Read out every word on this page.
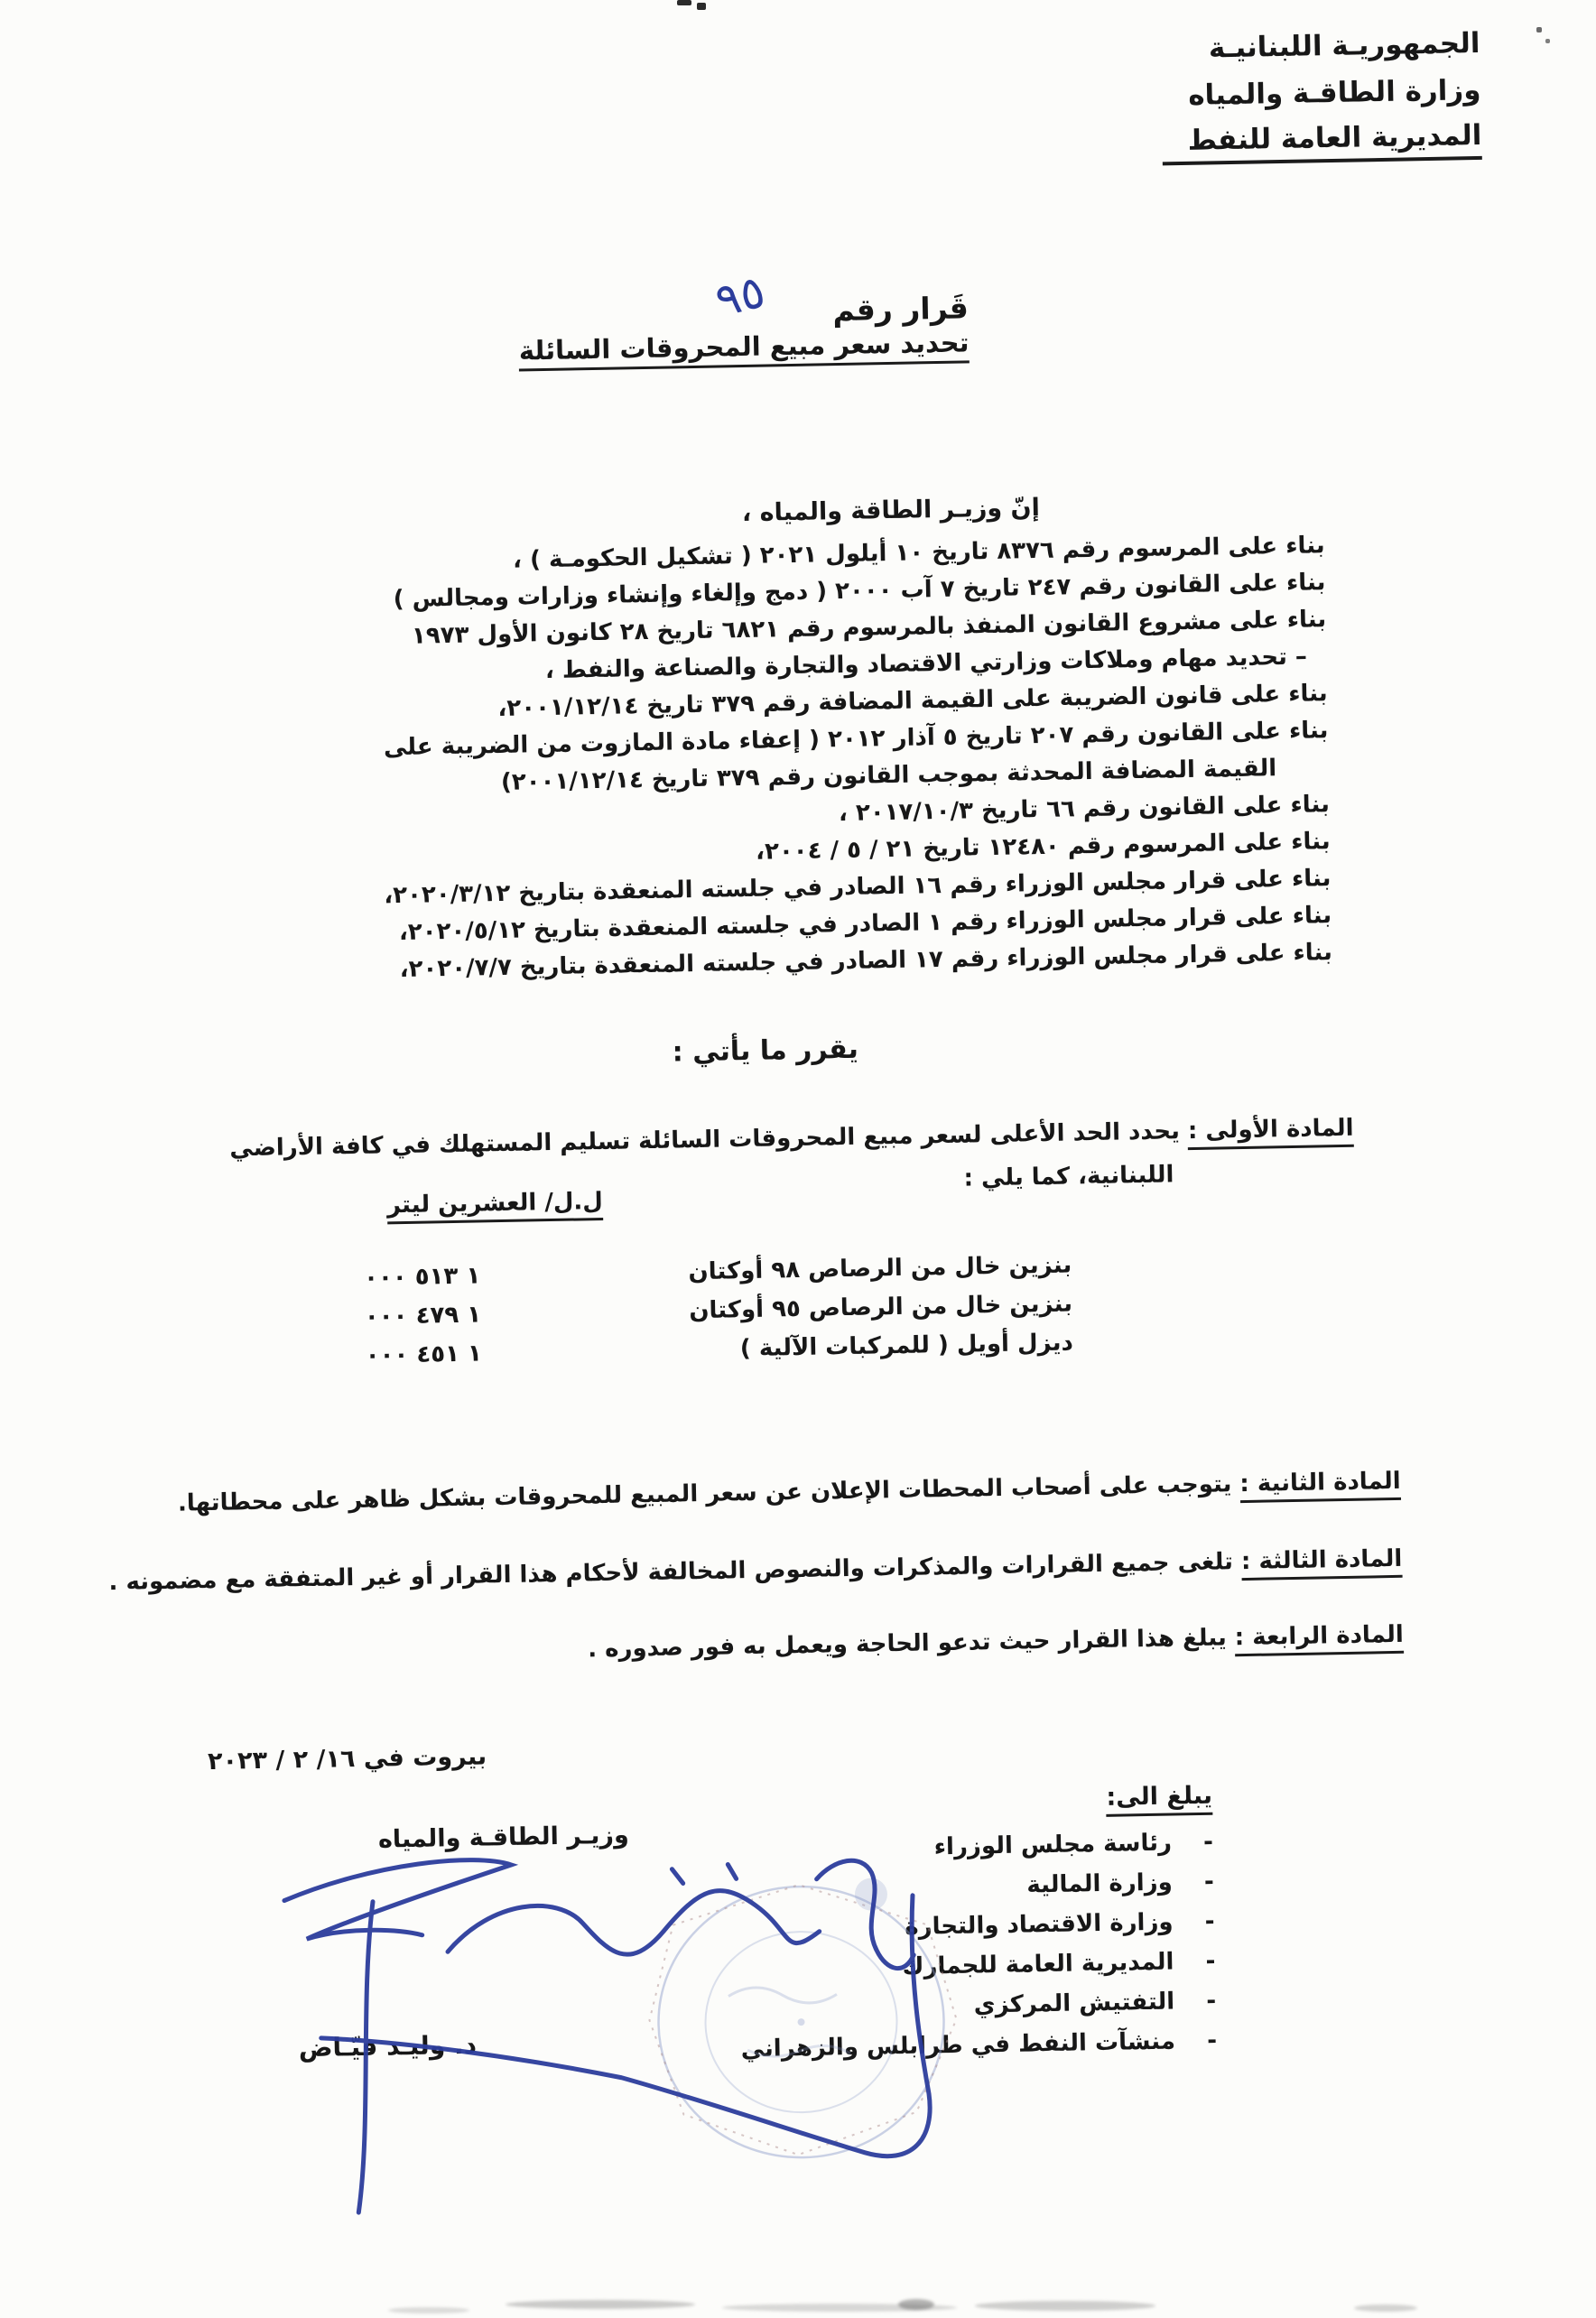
الجمهوريـة اللبنانيـة
وزارة الطاقـة والمياه
المديرية العامة للنفط
قَرار رقم٩٥
تحديد سعر مبيع المحروقات السائلة
إنّ وزيـر الطاقة والمياه ،
بناء على المرسوم رقم ٨٣٧٦ تاريخ ١٠ أيلول ٢٠٢١ ( تشكيل الحكومـة ) ،
بناء على القانون رقم ٢٤٧ تاريخ ٧ آب ٢٠٠٠ ( دمج وإلغاء وإنشاء وزارات ومجالس )
بناء على مشروع القانون المنفذ بالمرسوم رقم ٦٨٢١ تاريخ ٢٨ كانون الأول ١٩٧٣
– تحديد مهام وملاكات وزارتي الاقتصاد والتجارة والصناعة والنفط ،
بناء على قانون الضريبة على القيمة المضافة رقم ٣٧٩ تاريخ ٢٠٠١/١٢/١٤،
بناء على القانون رقم ٢٠٧ تاريخ ٥ آذار ٢٠١٢ ( إعفاء مادة المازوت من الضريبة على
القيمة المضافة المحدثة بموجب القانون رقم ٣٧٩ تاريخ ٢٠٠١/١٢/١٤)
بناء على القانون رقم ٦٦ تاريخ ٢٠١٧/١٠/٣ ،
بناء على المرسوم رقم ١٢٤٨٠ تاريخ ٢١ / ٥ / ٢٠٠٤،
بناء على قرار مجلس الوزراء رقم ١٦ الصادر في جلسته المنعقدة بتاريخ ٢٠٢٠/٣/١٢،
بناء على قرار مجلس الوزراء رقم ١ الصادر في جلسته المنعقدة بتاريخ ٢٠٢٠/٥/١٢،
بناء على قرار مجلس الوزراء رقم ١٧ الصادر في جلسته المنعقدة بتاريخ ٢٠٢٠/٧/٧،
يقرر ما يأتي :
المادة الأولى : يحدد الحد الأعلى لسعر مبيع المحروقات السائلة تسليم المستهلك في كافة الأراضي
اللبنانية، كما يلي :
ل.ل/ العشرين ليتر
بنزين خال من الرصاص ٩٨ أوكتان
١ ٥١٣ ٠٠٠
بنزين خال من الرصاص ٩٥ أوكتان
١ ٤٧٩ ٠٠٠
ديزل أويل ( للمركبات الآلية )
١ ٤٥١ ٠٠٠
المادة الثانية : يتوجب على أصحاب المحطات الإعلان عن سعر المبيع للمحروقات بشكل ظاهر على محطاتها.
المادة الثالثة : تلغى جميع القرارات والمذكرات والنصوص المخالفة لأحكام هذا القرار أو غير المتفقة مع مضمونه .
المادة الرابعة : يبلغ هذا القرار حيث تدعو الحاجة ويعمل به فور صدوره .
بيروت في ١٦/ ٢ / ٢٠٢٣
يبلغ الى:
-
رئاسة مجلس الوزراء
-
وزارة المالية
-
وزارة الاقتصاد والتجارة
-
المديرية العامة للجمارك
-
التفتيش المركزي
-
منشآت النفط في طرابلس والزهراني
وزيـر الطاقـة والمياه
د. وليـد فيّـاض
